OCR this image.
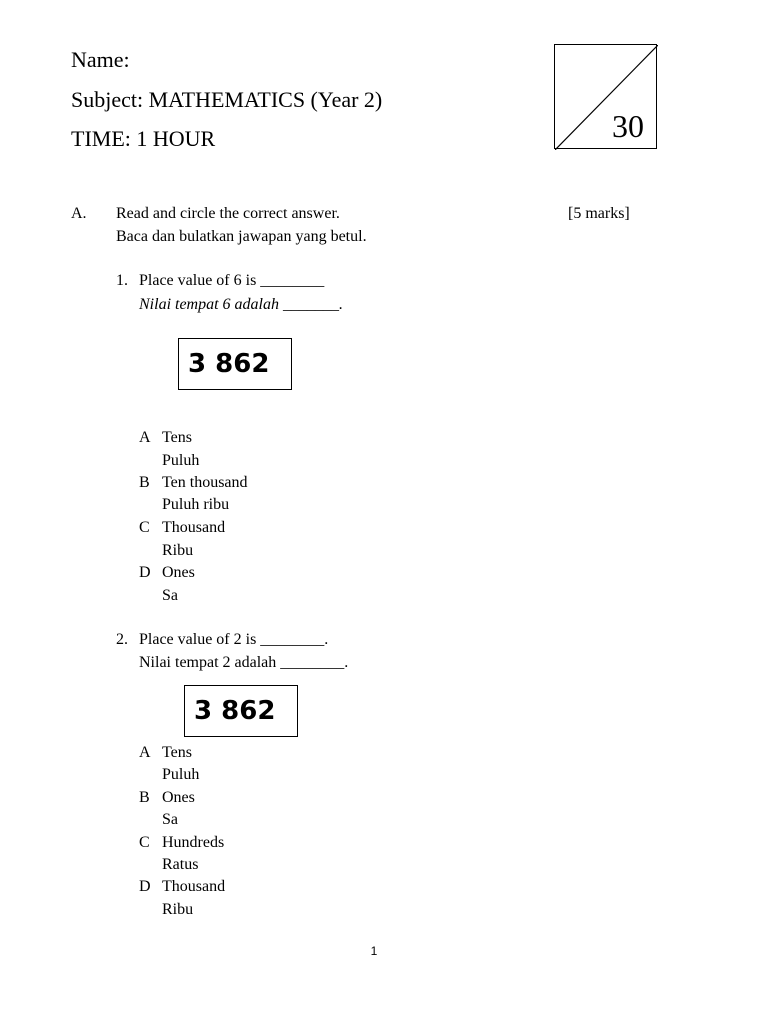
Name:
Subject: MATHEMATICS (Year 2)
TIME: 1 HOUR	30
A. Read and circle the correct answer.
Baca dan bulatkan jawapan yang betul.
[5 marks]
1. Place value of 6 is ________
Nilai tempat 6 adalah _______.
3 862
A Tens
Puluh
B Ten thousand
Puluh ribu
C Thousand
Ribu
D Ones
Sa
2. Place value of 2 is ________.
Nilai tempat 2 adalah ________.
3 862
A Tens
Puluh
B Ones
Sa
C Hundreds
Ratus
D Thousand
Ribu
1
